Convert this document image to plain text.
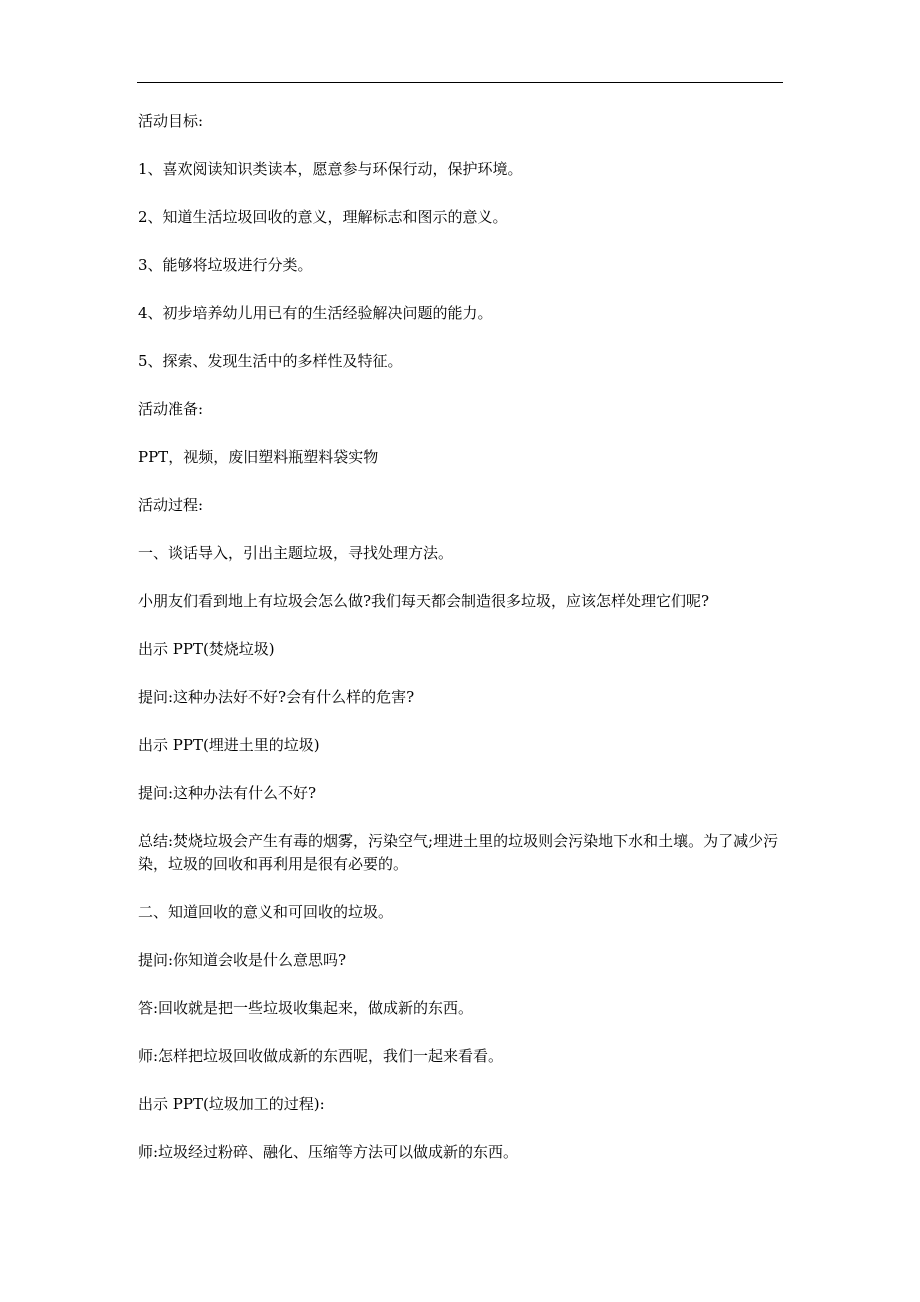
活动目标:

1、喜欢阅读知识类读本，愿意参与环保行动，保护环境。

2、知道生活垃圾回收的意义，理解标志和图示的意义。

3、能够将垃圾进行分类。

4、初步培养幼儿用已有的生活经验解决问题的能力。

5、探索、发现生活中的多样性及特征。

活动准备:

PPT，视频，废旧塑料瓶塑料袋实物

活动过程:

一、谈话导入，引出主题垃圾，寻找处理方法。

小朋友们看到地上有垃圾会怎么做?我们每天都会制造很多垃圾，应该怎样处理它们呢?

出示 PPT(焚烧垃圾)

提问:这种办法好不好?会有什么样的危害?

出示 PPT(埋进土里的垃圾)

提问:这种办法有什么不好?

总结:焚烧垃圾会产生有毒的烟雾，污染空气;埋进土里的垃圾则会污染地下水和土壤。为了减少污染，垃圾的回收和再利用是很有必要的。

二、知道回收的意义和可回收的垃圾。

提问:你知道会收是什么意思吗?

答:回收就是把一些垃圾收集起来，做成新的东西。

师:怎样把垃圾回收做成新的东西呢，我们一起来看看。

出示 PPT(垃圾加工的过程):

师:垃圾经过粉碎、融化、压缩等方法可以做成新的东西。
